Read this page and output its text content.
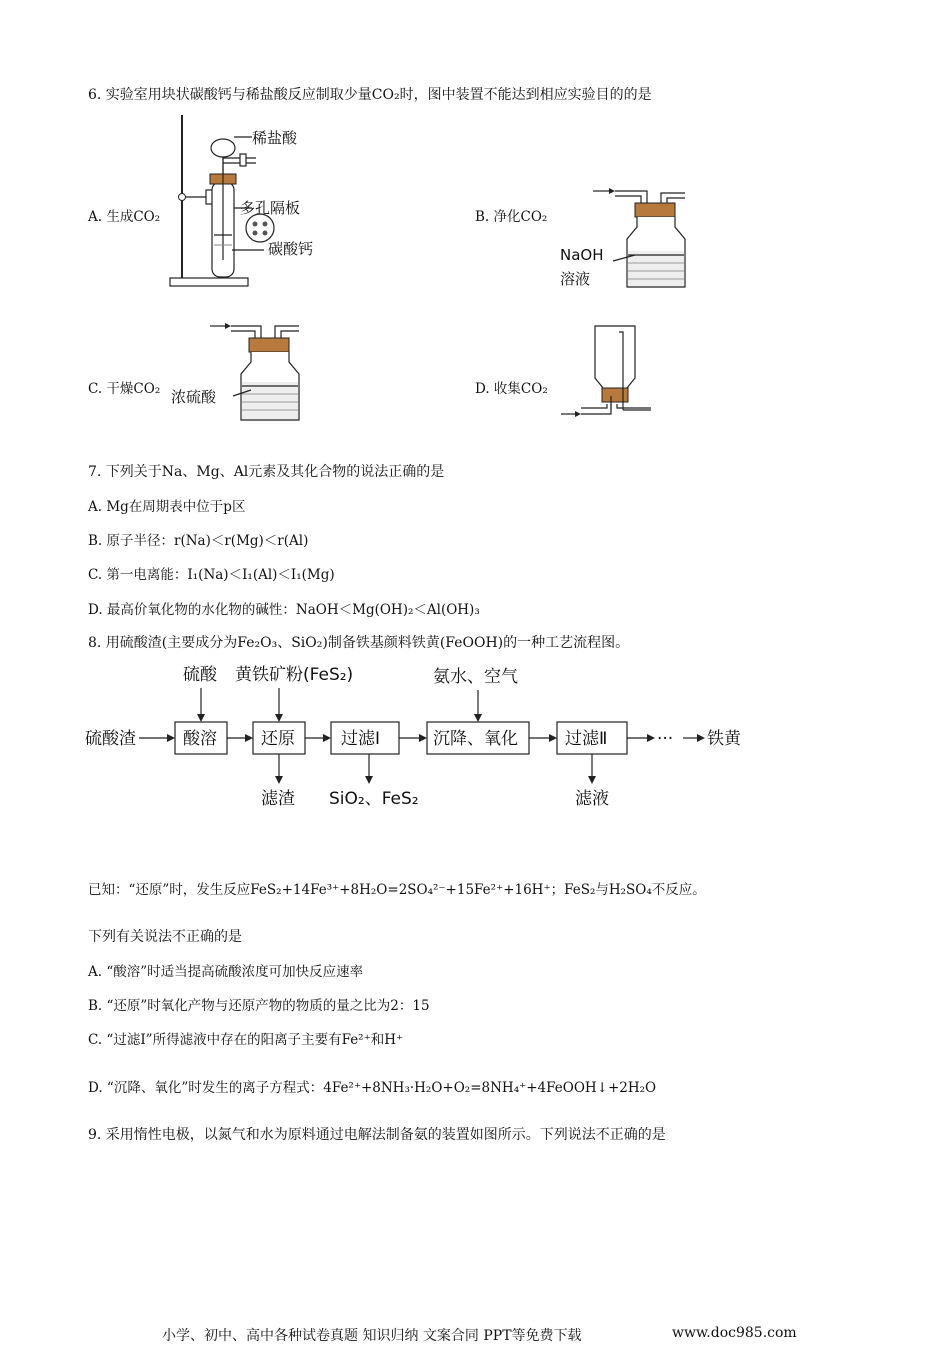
6. 实验室用块状碳酸钙与稀盐酸反应制取少量CO₂时，图中装置不能达到相应实验目的的是
稀盐酸
多孔隔板
碳酸钙
A. 生成CO₂
NaOH
溶液
B. 净化CO₂
浓硫酸
C. 干燥CO₂	D. 收集CO₂
7. 下列关于Na、Mg、Al元素及其化合物的说法正确的是
A. Mg在周期表中位于p区
B. 原子半径：r(Na)＜r(Mg)＜r(Al)
C. 第一电离能：I₁(Na)＜I₁(Al)＜I₁(Mg)
D. 最高价氧化物的水化物的碱性：NaOH＜Mg(OH)₂＜Al(OH)₃
8. 用硫酸渣(主要成分为Fe₂O₃、SiO₂)制备铁基颜料铁黄(FeOOH)的一种工艺流程图。
硫酸渣	酸溶	还原	过滤Ⅰ	沉降、氧化	过滤Ⅱ	··· 铁黄
硫酸 黄铁矿粉(FeS₂)	氨水、空气
滤渣 SiO₂、FeS₂	滤液
已知：“还原”时，发生反应FeS₂+14Fe³⁺+8H₂O=2SO₄²⁻+15Fe²⁺+16H⁺；FeS₂与H₂SO₄不反应。
下列有关说法不正确的是
A. “酸溶”时适当提高硫酸浓度可加快反应速率
B. “还原”时氧化产物与还原产物的物质的量之比为2：15
C. “过滤Ⅰ”所得滤液中存在的阳离子主要有Fe²⁺和H⁺
D. “沉降、氧化”时发生的离子方程式：4Fe²⁺+8NH₃·H₂O+O₂=8NH₄⁺+4FeOOH↓+2H₂O
9. 采用惰性电极，以氮气和水为原料通过电解法制备氨的装置如图所示。下列说法不正确的是
小学、初中、高中各种试卷真题 知识归纳 文案合同 PPT等免费下载	www.doc985.com
